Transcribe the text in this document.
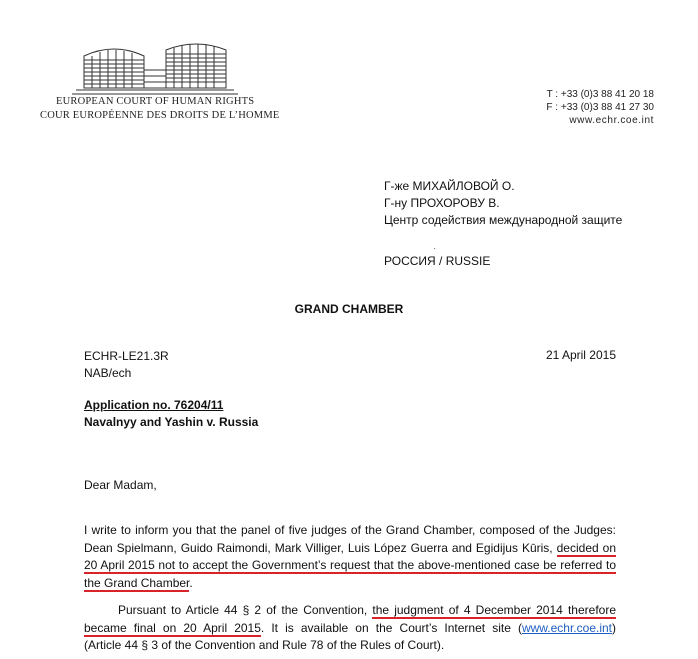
EUROPEAN COURT OF HUMAN RIGHTS
COUR EUROPÉENNE DES DROITS DE L’HOMME
T : +33 (0)3 88 41 20 18
F : +33 (0)3 88 41 27 30
www.echr.coe.int
Г-же МИХАЙЛОВОЙ О.
Г-ну ПРОХОРОВУ В.
Центр содействия международной защите
·
РОССИЯ / RUSSIE
GRAND CHAMBER
ECHR-LE21.3R
NAB/ech
21 April 2015
Application no. 76204/11
Navalnyy and Yashin v. Russia
Dear Madam,
I write to inform you that the panel of five judges of the Grand Chamber, composed of the Judges:
Dean Spielmann, Guido Raimondi, Mark Villiger, Luis López Guerra and Egidijus Kūris, decided on
20 April 2015 not to accept the Government’s request that the above-mentioned case be referred to
the Grand Chamber.
Pursuant to Article 44 § 2 of the Convention, the judgment of 4 December 2014 therefore
became final on 20 April 2015. It is available on the Court’s Internet site (www.echr.coe.int)
(Article 44 § 3 of the Convention and Rule 78 of the Rules of Court).
